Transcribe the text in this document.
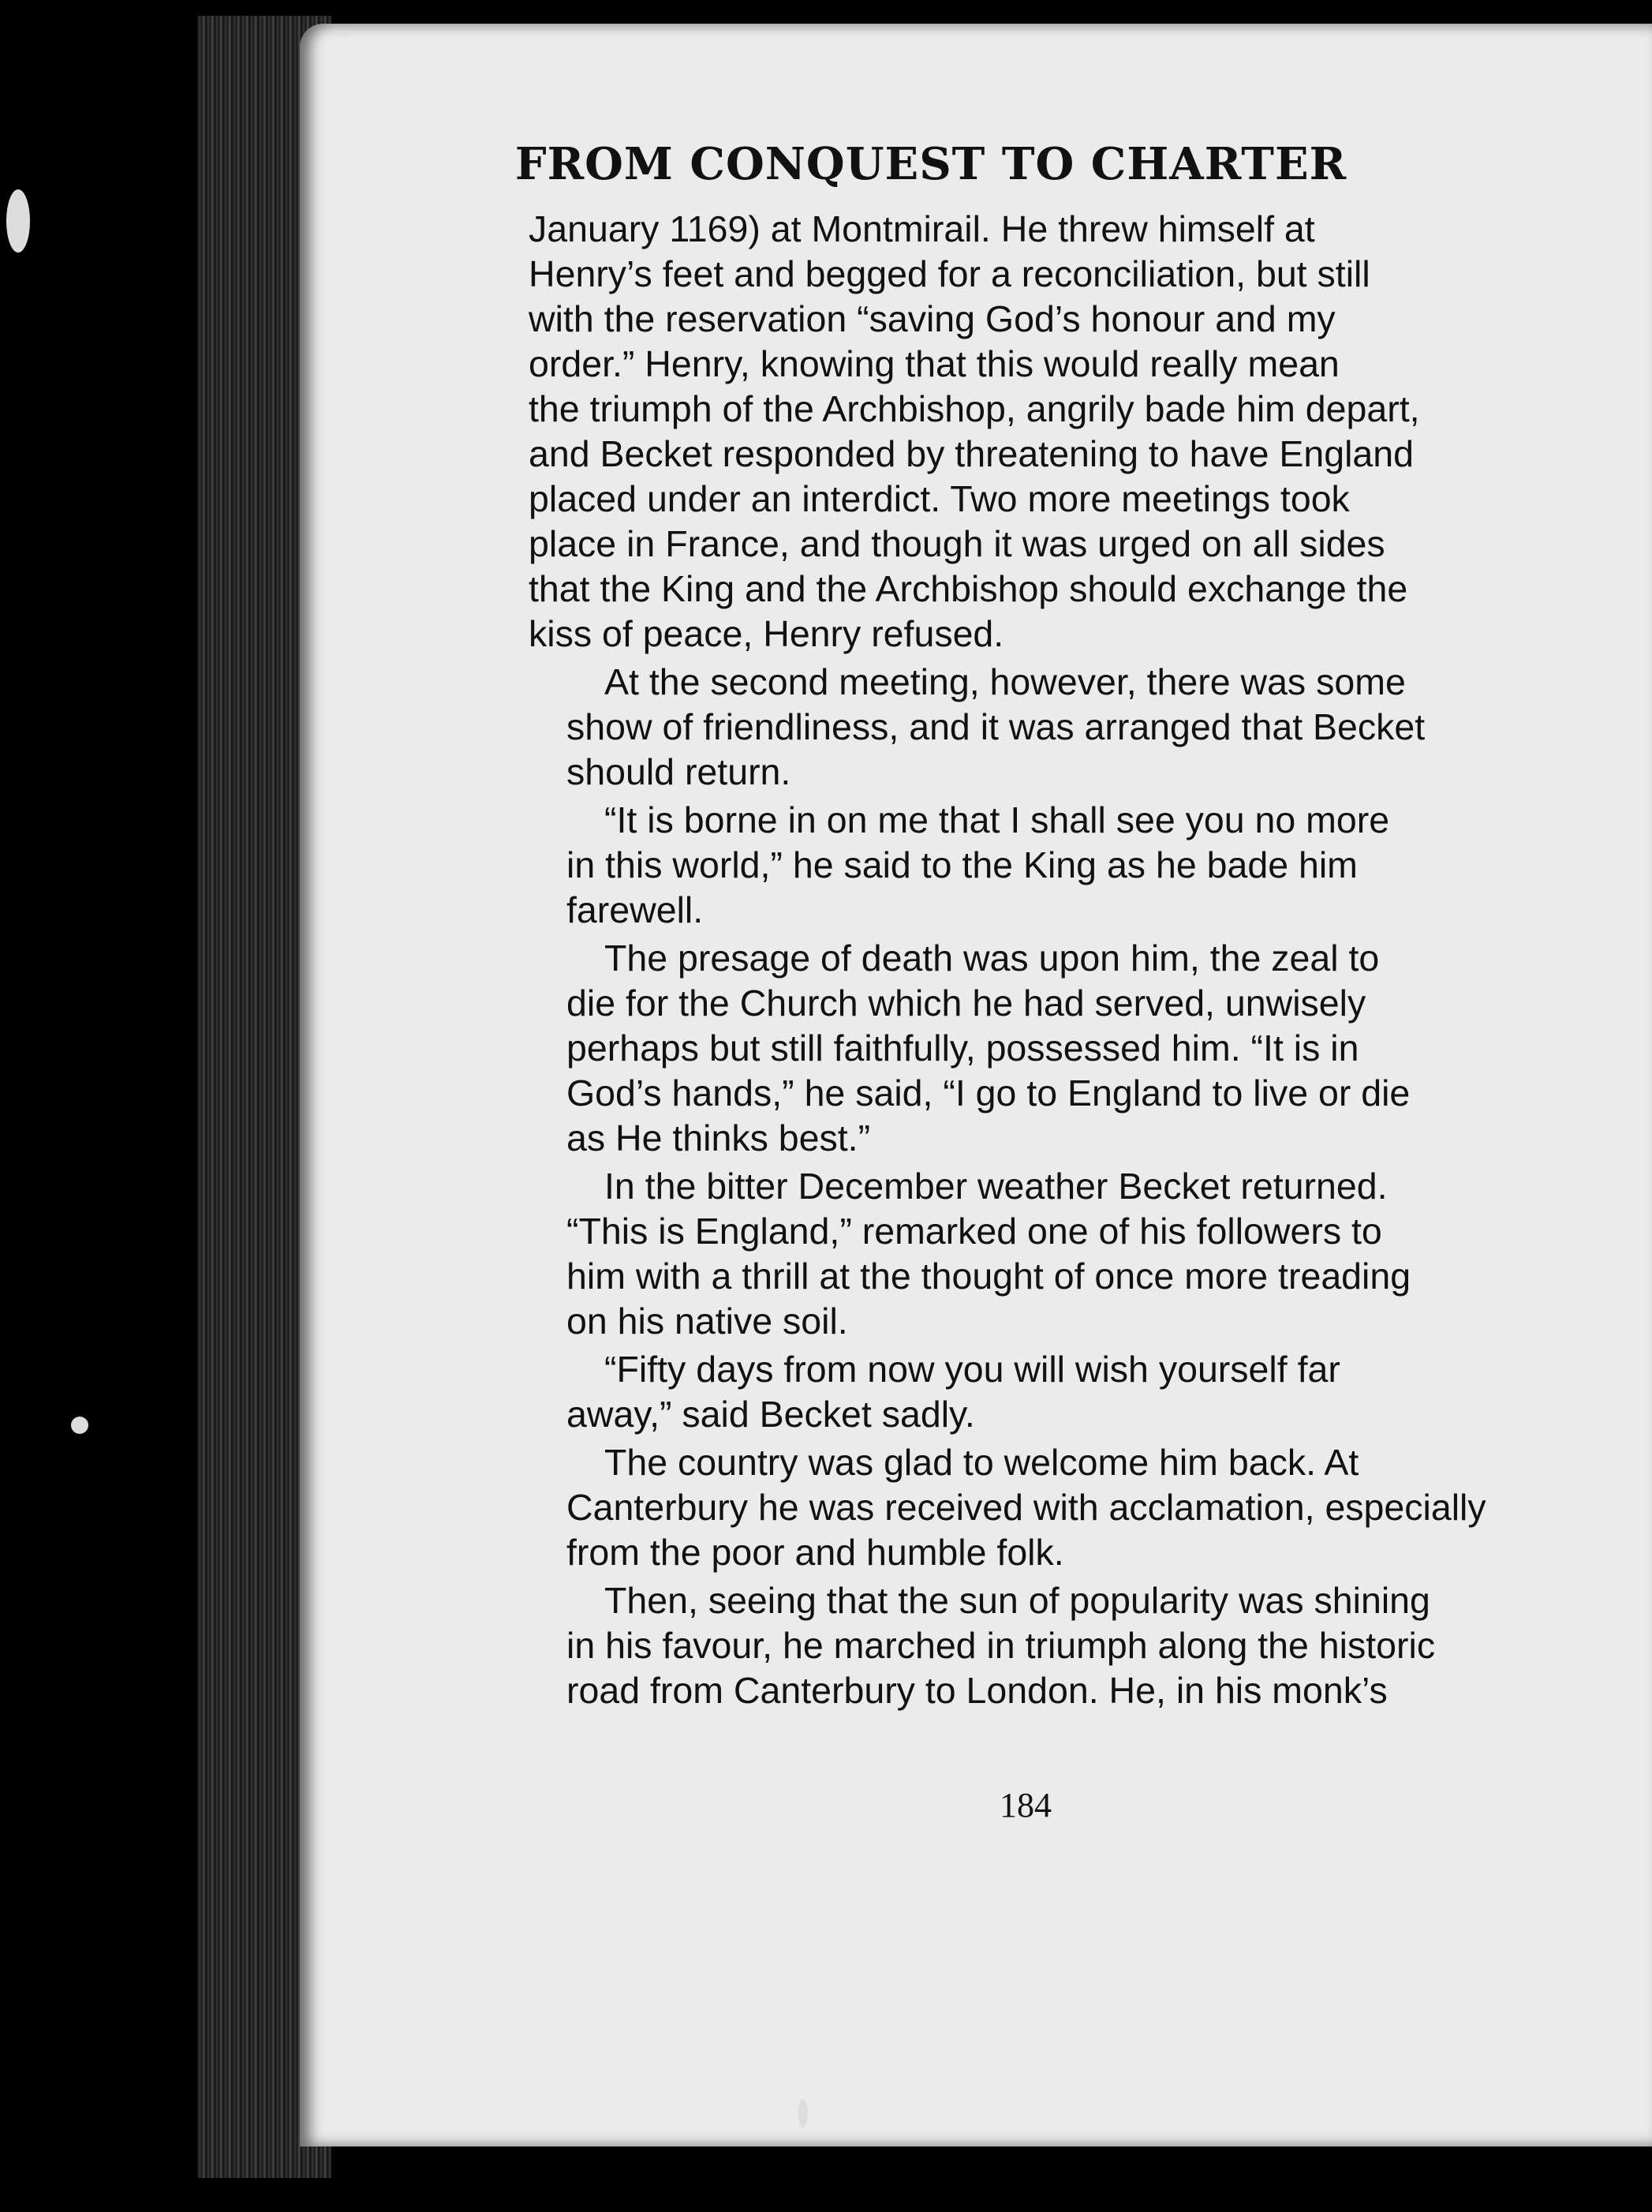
FROM CONQUEST TO CHARTER
January 1169) at Montmirail. He threw himself at
Henry’s feet and begged for a reconciliation, but still
with the reservation “saving God’s honour and my
order.” Henry, knowing that this would really mean
the triumph of the Archbishop, angrily bade him depart,
and Becket responded by threatening to have England
placed under an interdict. Two more meetings took
place in France, and though it was urged on all sides
that the King and the Archbishop should exchange the
kiss of peace, Henry refused.
At the second meeting, however, there was some
show of friendliness, and it was arranged that Becket
should return.
“It is borne in on me that I shall see you no more
in this world,” he said to the King as he bade him
farewell.
The presage of death was upon him, the zeal to
die for the Church which he had served, unwisely
perhaps but still faithfully, possessed him. “It is in
God’s hands,” he said, “I go to England to live or die
as He thinks best.”
In the bitter December weather Becket returned.
“This is England,” remarked one of his followers to
him with a thrill at the thought of once more treading
on his native soil.
“Fifty days from now you will wish yourself far
away,” said Becket sadly.
The country was glad to welcome him back. At
Canterbury he was received with acclamation, especially
from the poor and humble folk.
Then, seeing that the sun of popularity was shining
in his favour, he marched in triumph along the historic
road from Canterbury to London. He, in his monk’s
184
